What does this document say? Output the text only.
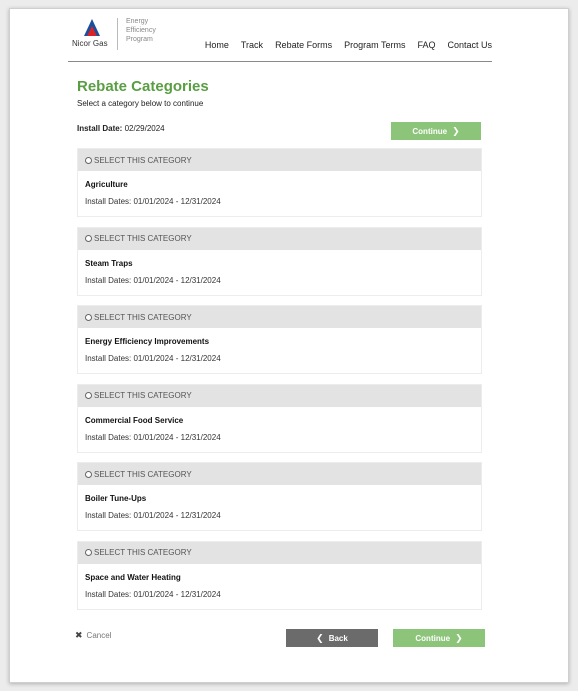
Nicor Gas
Energy
Efficiency
Program
Home Track Rebate Forms Program Terms FAQ Contact Us
Rebate Categories
Select a category below to continue
Install Date: 02/29/2024	Continue ❯
SELECT THIS CATEGORY
Agriculture
Install Dates: 01/01/2024 - 12/31/2024
SELECT THIS CATEGORY
Steam Traps
Install Dates: 01/01/2024 - 12/31/2024
SELECT THIS CATEGORY
Energy Efficiency Improvements
Install Dates: 01/01/2024 - 12/31/2024
SELECT THIS CATEGORY
Commercial Food Service
Install Dates: 01/01/2024 - 12/31/2024
SELECT THIS CATEGORY
Boiler Tune-Ups
Install Dates: 01/01/2024 - 12/31/2024
SELECT THIS CATEGORY
Space and Water Heating
Install Dates: 01/01/2024 - 12/31/2024
✖ Cancel	❮ Back	Continue ❯
